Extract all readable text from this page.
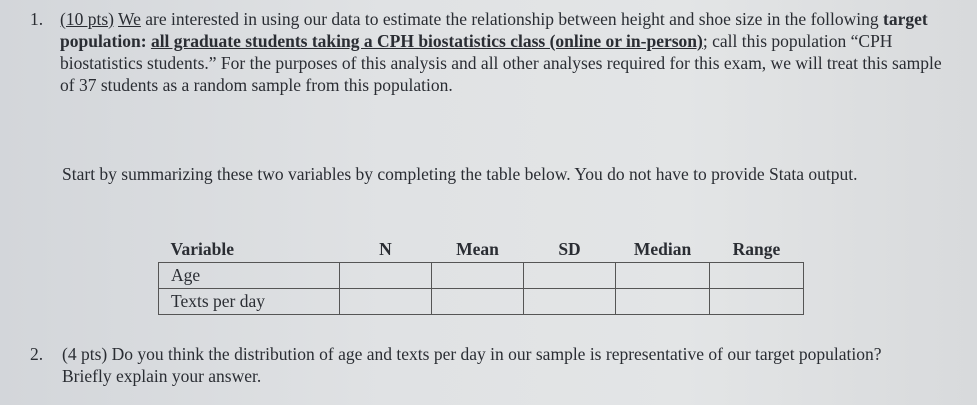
1. (10 pts) We are interested in using our data to estimate the relationship between height and shoe size in the following target population: all graduate students taking a CPH biostatistics class (online or in-person); call this population “CPH biostatistics students.” For the purposes of this analysis and all other analyses required for this exam, we will treat this sample of 37 students as a random sample from this population.
Start by summarizing these two variables by completing the table below. You do not have to provide Stata output.
Variable	N	Mean	SD	Median	Range
Age					
Texts per day					
2. (4 pts) Do you think the distribution of age and texts per day in our sample is representative of our target population? Briefly explain your answer.
